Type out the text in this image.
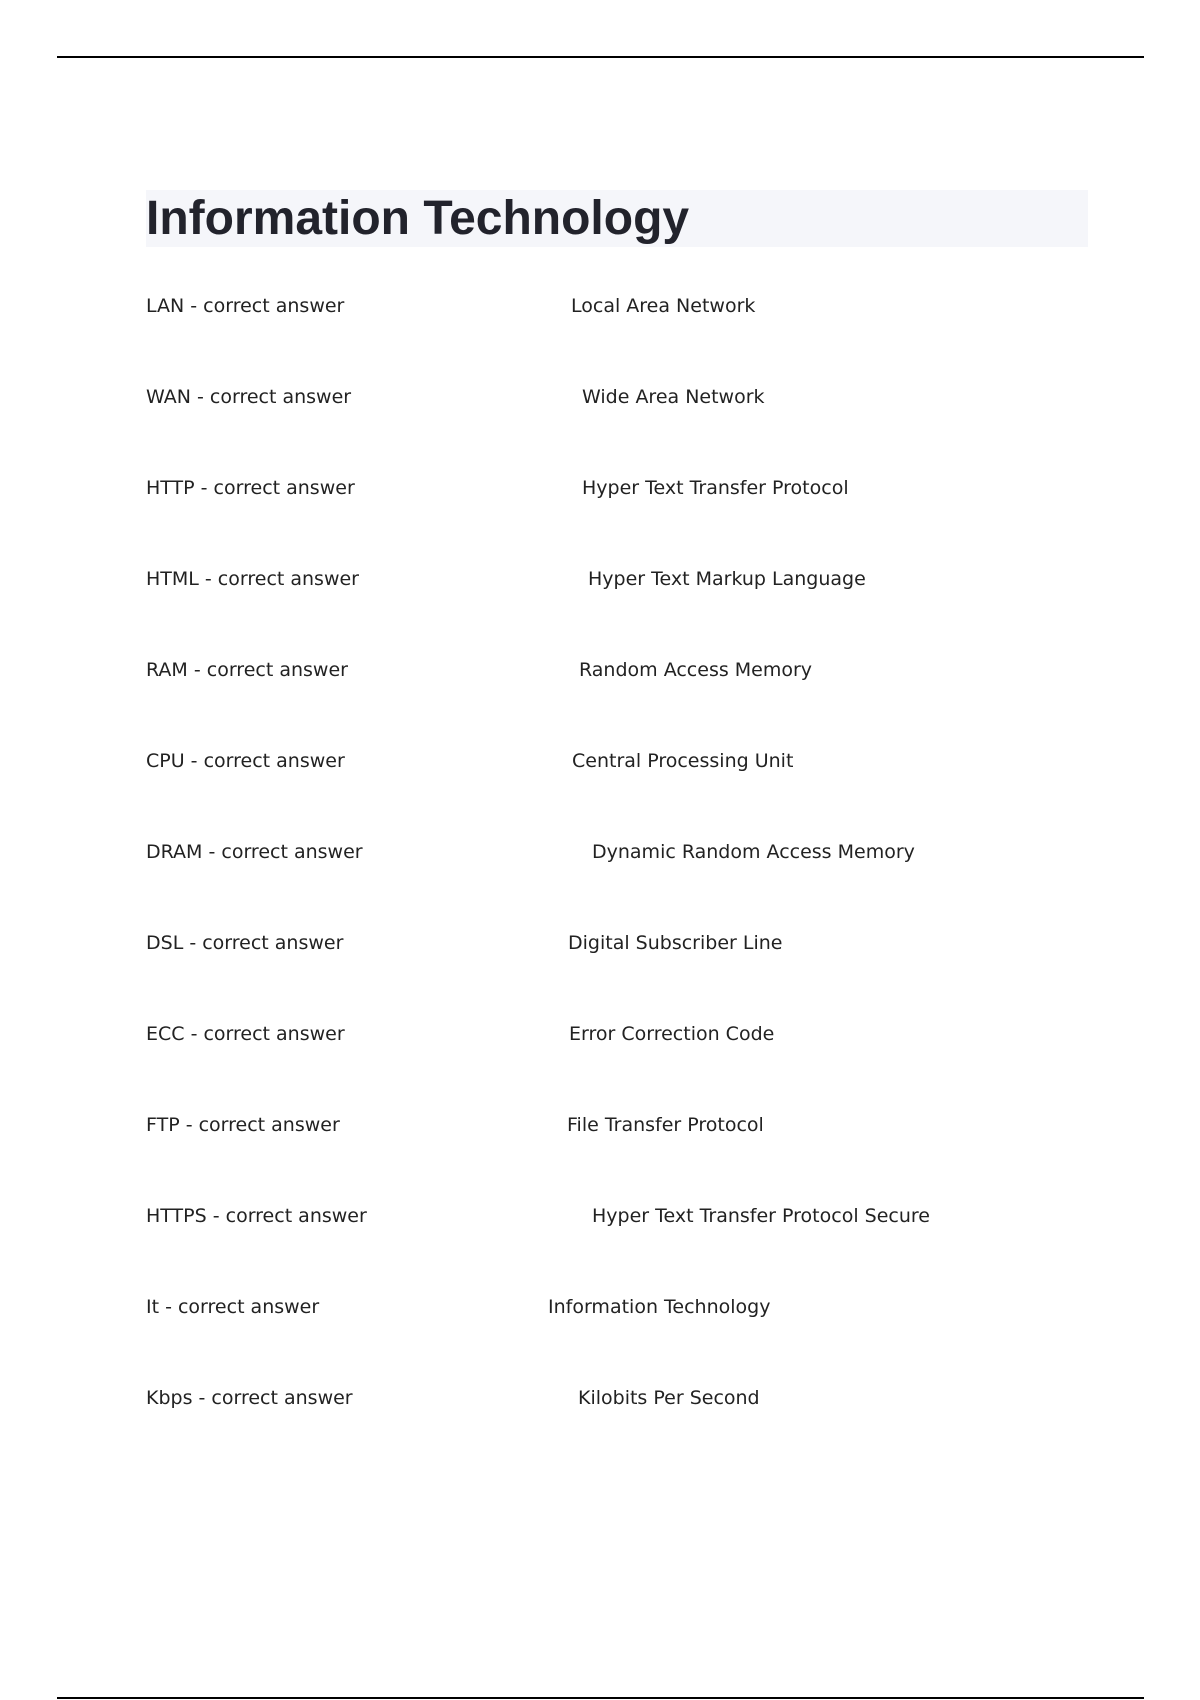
Information Technology
LAN - correct answer	Local Area Network
WAN - correct answer	Wide Area Network
HTTP - correct answer	Hyper Text Transfer Protocol
HTML - correct answer	Hyper Text Markup Language
RAM - correct answer	Random Access Memory
CPU - correct answer	Central Processing Unit
DRAM - correct answer	Dynamic Random Access Memory
DSL - correct answer	Digital Subscriber Line
ECC - correct answer	Error Correction Code
FTP - correct answer	File Transfer Protocol
HTTPS - correct answer	Hyper Text Transfer Protocol Secure
It - correct answer	Information Technology
Kbps - correct answer	Kilobits Per Second
